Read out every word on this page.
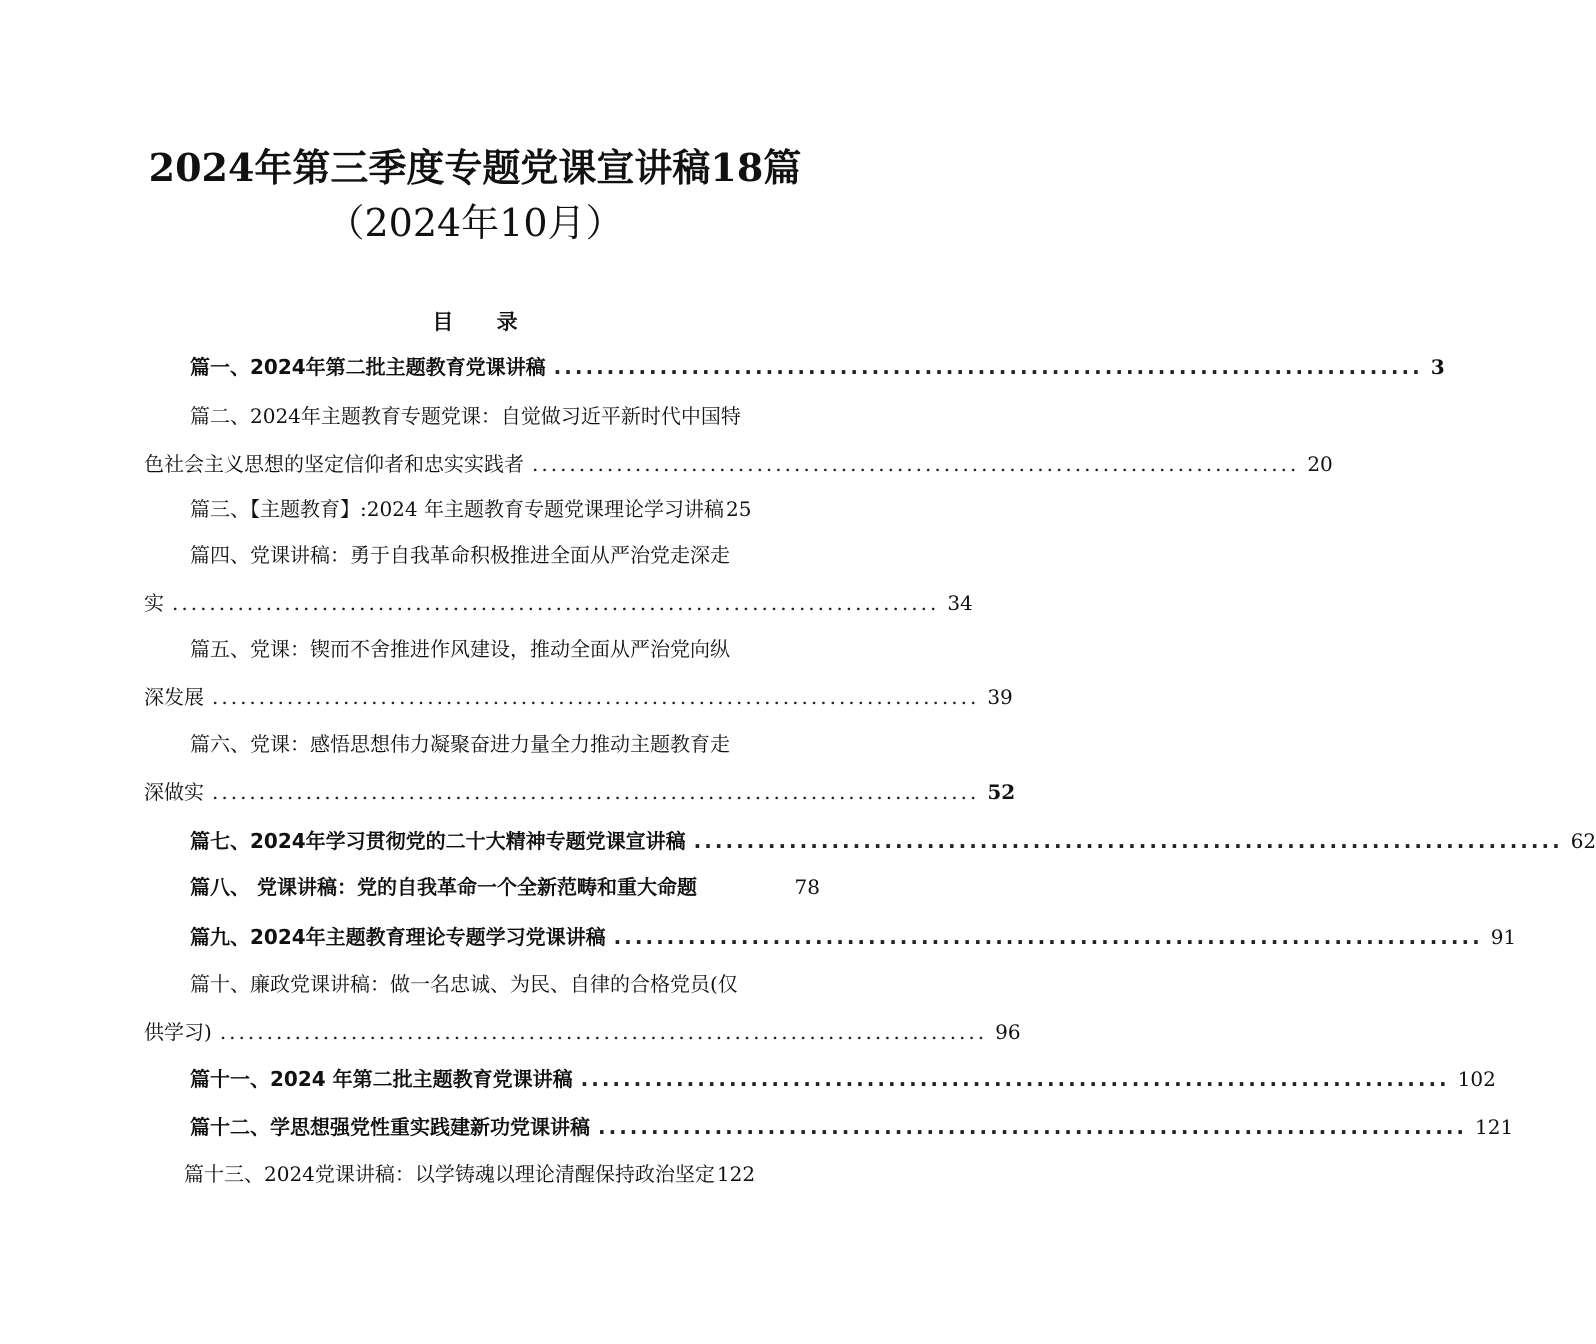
2024年第三季度专题党课宣讲稿18篇
（2024年10月）
目 录
篇一、2024年第二批主题教育党课讲稿 .................................................................................. 3
篇二、2024年主题教育专题党课：自觉做习近平新时代中国特
色社会主义思想的坚定信仰者和忠实实践者 .................................................................................. 20
篇三、【主题教育】:2024 年主题教育专题党课理论学习讲稿 25
篇四、党课讲稿：勇于自我革命积极推进全面从严治党走深走
实 .................................................................................. 34
篇五、党课：锲而不舍推进作风建设，推动全面从严治党向纵
深发展 .................................................................................. 39
篇六、党课：感悟思想伟力凝聚奋进力量全力推动主题教育走
深做实 .................................................................................. 52
篇七、2024年学习贯彻党的二十大精神专题党课宣讲稿 .................................................................................. 62
篇八、 党课讲稿：党的自我革命一个全新范畴和重大命题	78
篇九、2024年主题教育理论专题学习党课讲稿 .................................................................................. 91
篇十、廉政党课讲稿：做一名忠诚、为民、自律的合格党员(仅
供学习) .................................................................................. 96
篇十一、2024 年第二批主题教育党课讲稿 .................................................................................. 102
篇十二、学思想强党性重实践建新功党课讲稿 .................................................................................. 121
篇十三、2024党课讲稿：以学铸魂以理论清醒保持政治坚定 122
